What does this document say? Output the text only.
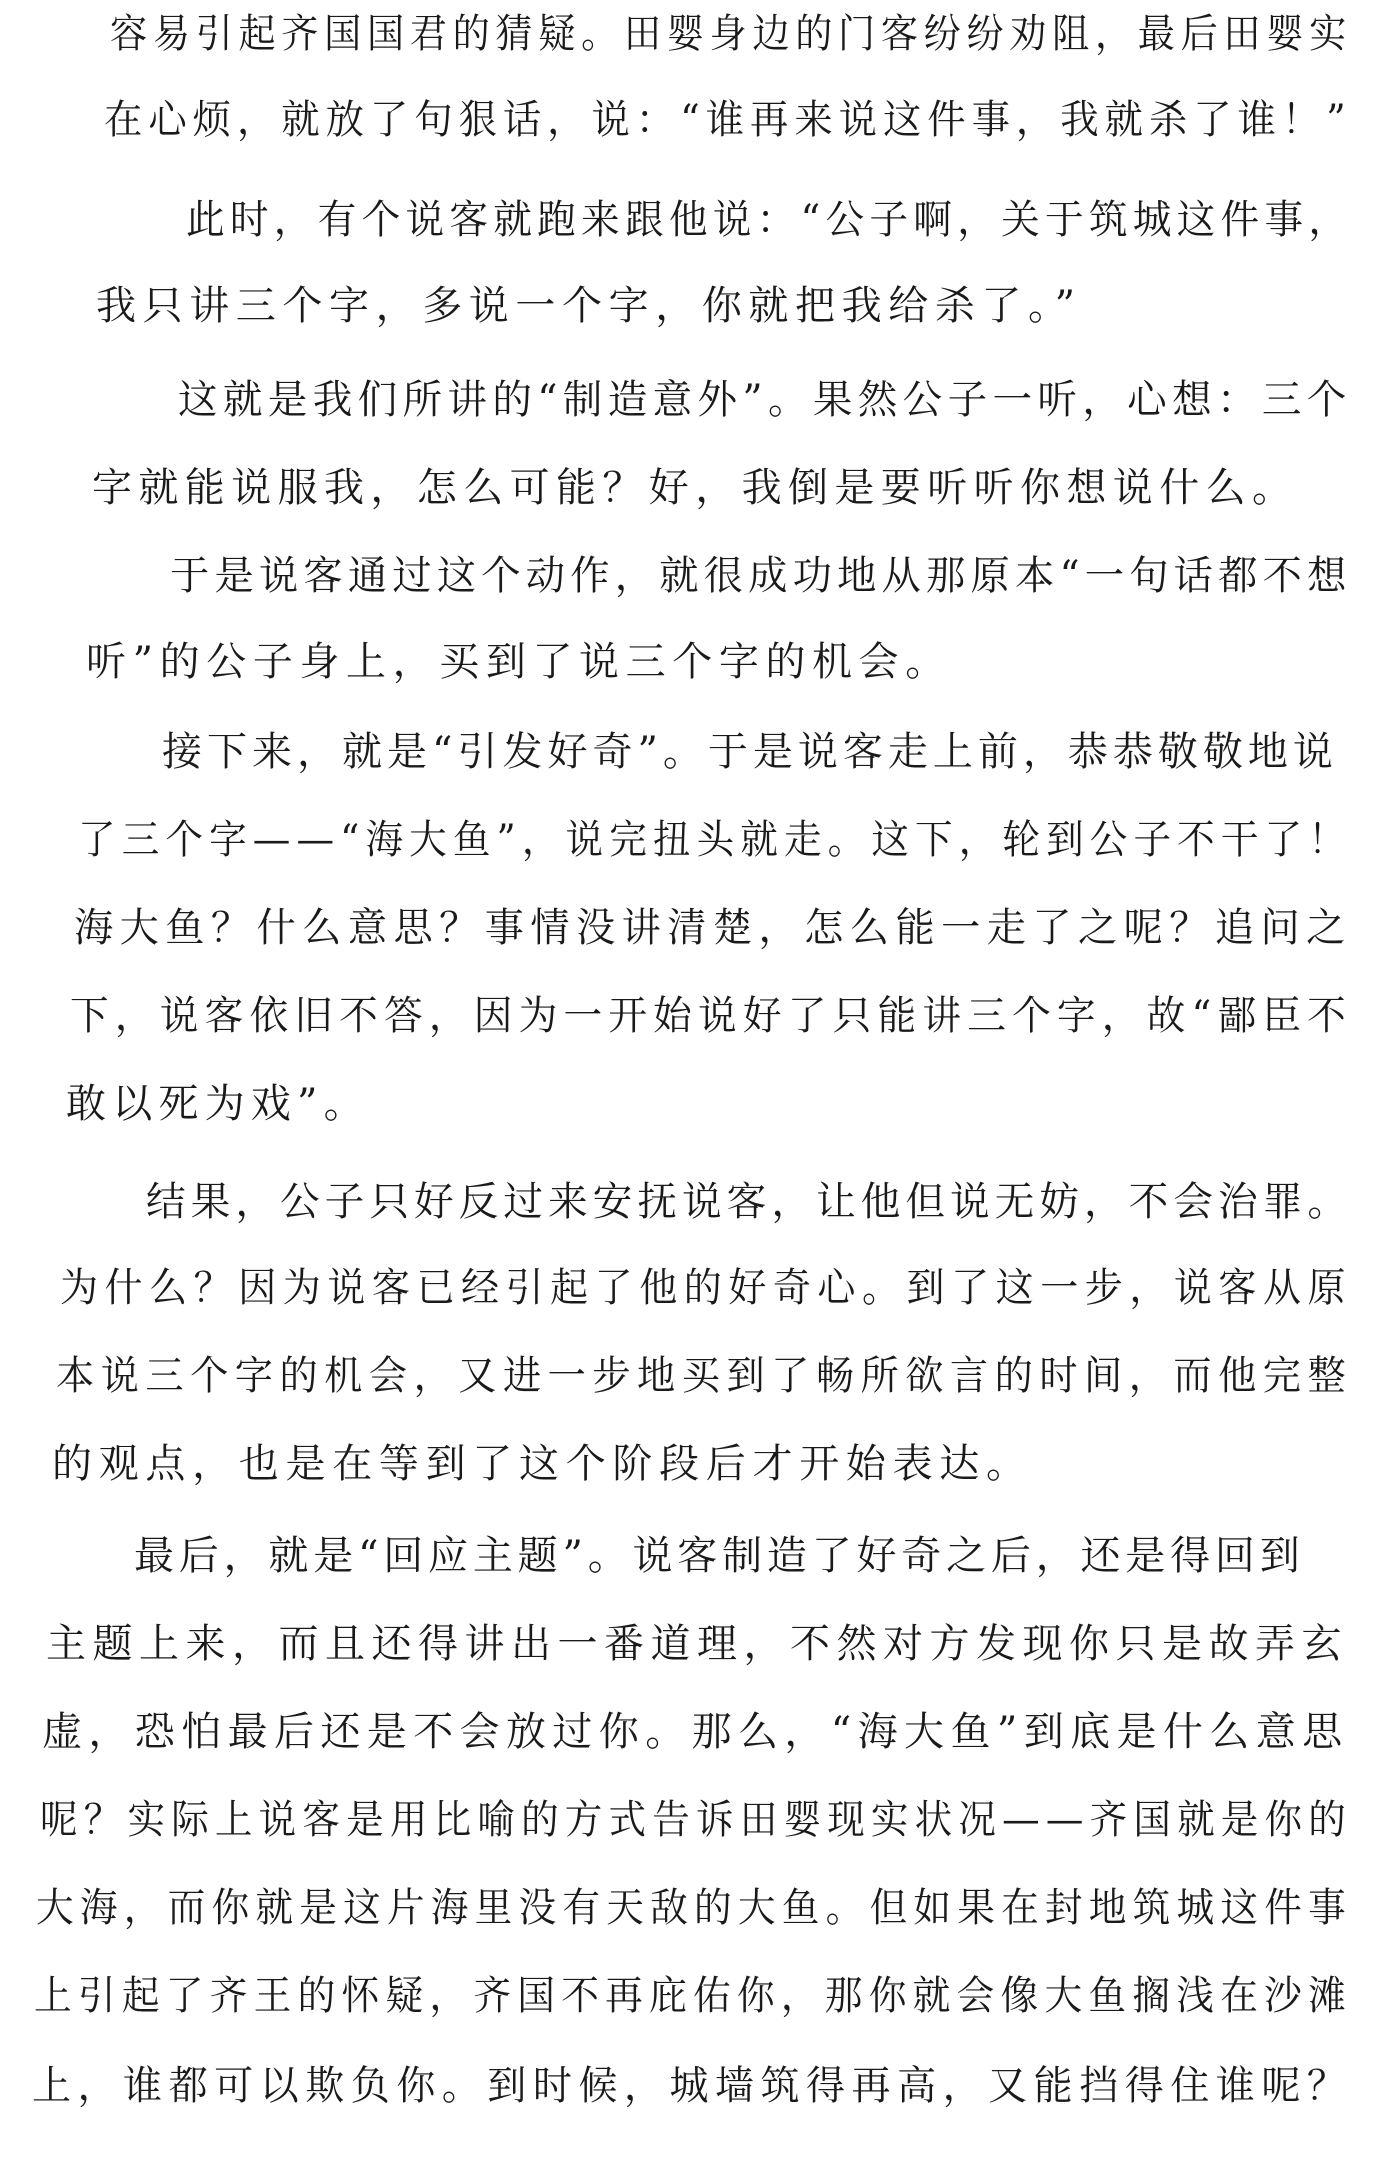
容易引起齐国国君的猜疑。田婴身边的门客纷纷劝阻，最后田婴实
在心烦，就放了句狠话，说：“谁再来说这件事，我就杀了谁！”
此时，有个说客就跑来跟他说：“公子啊，关于筑城这件事，
我只讲三个字，多说一个字，你就把我给杀了。”
这就是我们所讲的“制造意外”。果然公子一听，心想：三个
字就能说服我，怎么可能？好，我倒是要听听你想说什么。
于是说客通过这个动作，就很成功地从那原本“一句话都不想
听”的公子身上，买到了说三个字的机会。
接下来，就是“引发好奇”。于是说客走上前，恭恭敬敬地说
了三个字——“海大鱼”，说完扭头就走。这下，轮到公子不干了！
海大鱼？什么意思？事情没讲清楚，怎么能一走了之呢？追问之
下，说客依旧不答，因为一开始说好了只能讲三个字，故“鄙臣不
敢以死为戏”。
结果，公子只好反过来安抚说客，让他但说无妨，不会治罪。
为什么？因为说客已经引起了他的好奇心。到了这一步，说客从原
本说三个字的机会，又进一步地买到了畅所欲言的时间，而他完整
的观点，也是在等到了这个阶段后才开始表达。
最后，就是“回应主题”。说客制造了好奇之后，还是得回到
主题上来，而且还得讲出一番道理，不然对方发现你只是故弄玄
虚，恐怕最后还是不会放过你。那么，“海大鱼”到底是什么意思
呢？实际上说客是用比喻的方式告诉田婴现实状况——齐国就是你的
大海，而你就是这片海里没有天敌的大鱼。但如果在封地筑城这件事
上引起了齐王的怀疑，齐国不再庇佑你，那你就会像大鱼搁浅在沙滩
上，谁都可以欺负你。到时候，城墙筑得再高，又能挡得住谁呢？
